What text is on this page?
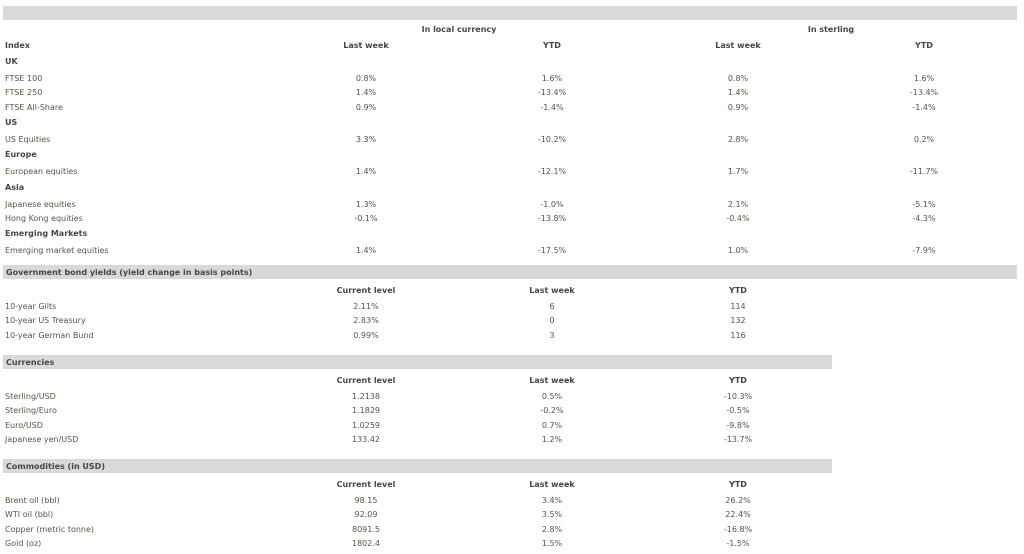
In local currency	In sterling
Index	Last week	YTD	Last week	YTD
UK
FTSE 100	0.8%	1.6%	0.8%	1.6%
FTSE 250	1.4%	-13.4%	1.4%	-13.4%
FTSE All-Share	0.9%	-1.4%	0.9%	-1.4%
US
US Equities	3.3%	-10.2%	2.8%	0.2%
Europe
European equities	1.4%	-12.1%	1.7%	-11.7%
Asia
Japanese equities	1.3%	-1.0%	2.1%	-5.1%
Hong Kong equities	-0.1%	-13.8%	-0.4%	-4.3%
Emerging Markets
Emerging market equities	1.4%	-17.5%	1.0%	-7.9%
Government bond yields (yield change in basis points)
Current level	Last week	YTD
10-year Gilts	2.11%	6	114
10-year US Treasury	2.83%	0	132
10-year German Bund	0.99%	3	116
Currencies
Current level	Last week	YTD
Sterling/USD	1.2138	0.5%	-10.3%
Sterling/Euro	1.1829	-0.2%	-0.5%
Euro/USD	1.0259	0.7%	-9.8%
Japanese yen/USD	133.42	1.2%	-13.7%
Commodities (in USD)
Current level	Last week	YTD
Brent oil (bbl)	98.15	3.4%	26.2%
WTI oil (bbl)	92.09	3.5%	22.4%
Copper (metric tonne)	8091.5	2.8%	-16.8%
Gold (oz)	1802.4	1.5%	-1.5%
